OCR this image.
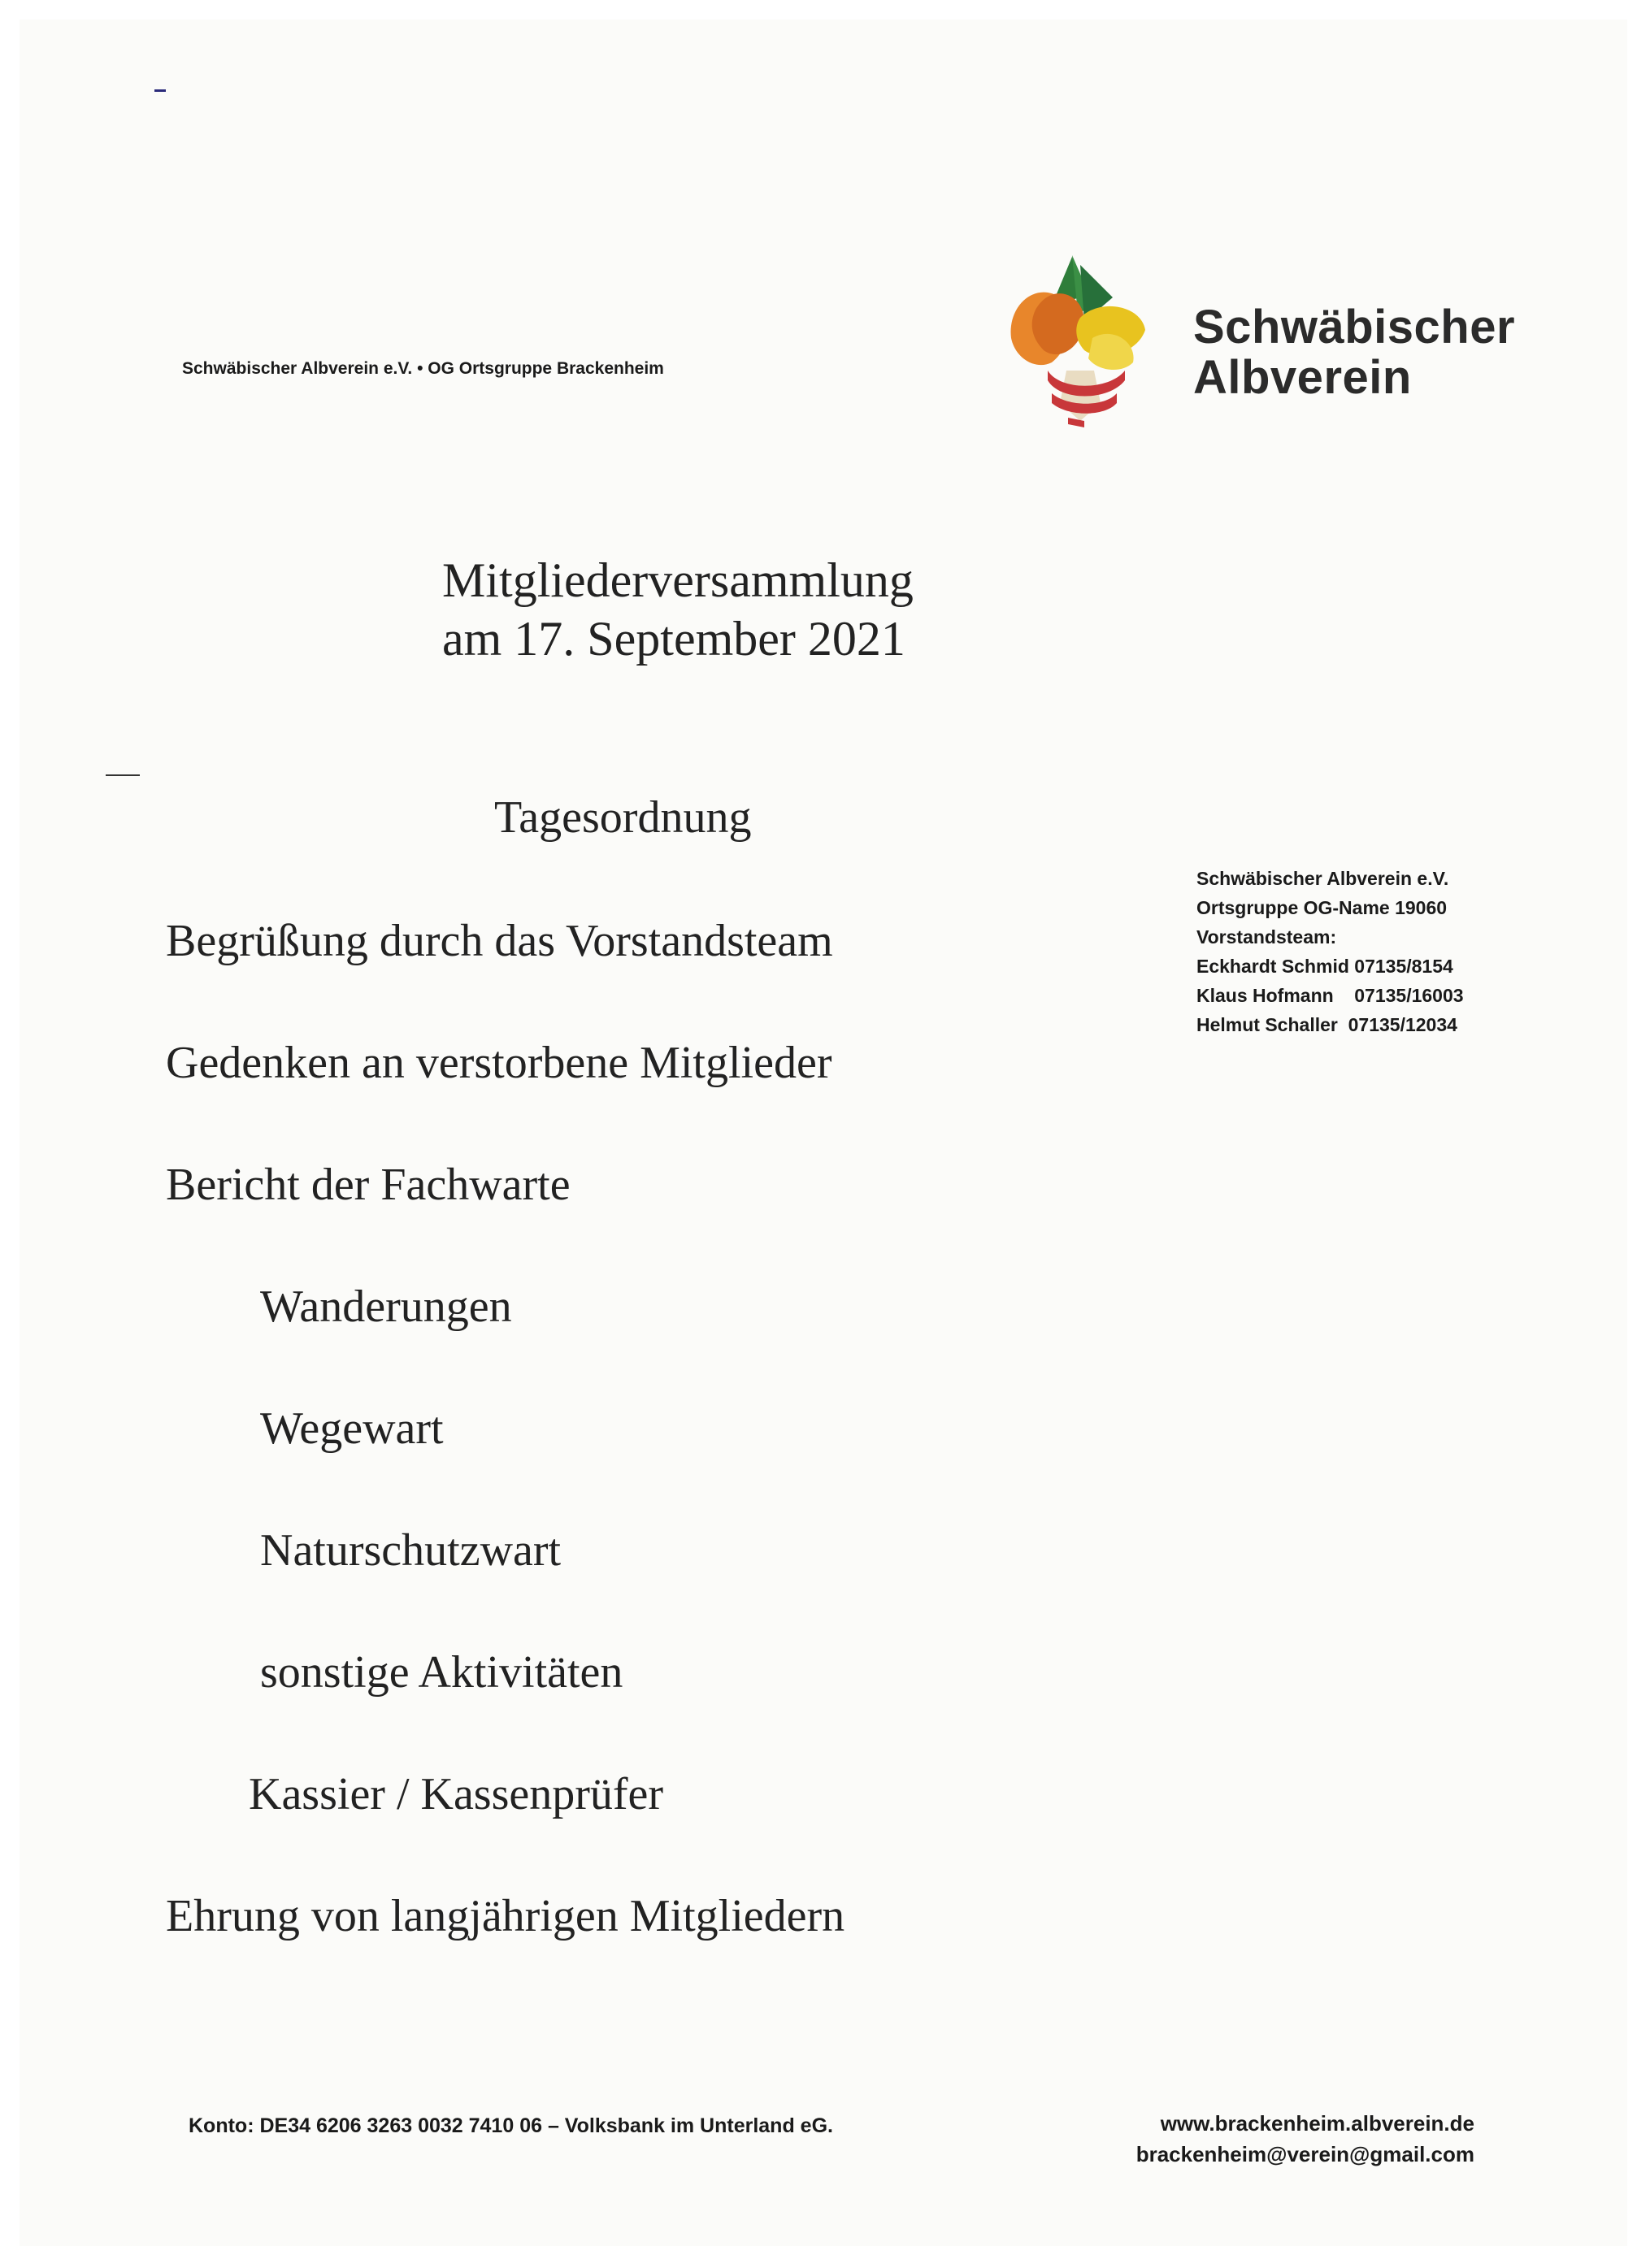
Schwäbischer Albverein e.V. • OG Ortsgruppe Brackenheim
Schwäbischer
Albverein
Mitgliederversammlung
am 17. September 2021
Schwäbischer Albverein e.V.
Ortsgruppe OG-Name 19060
Vorstandsteam:
Eckhardt Schmid 07135/8154
Klaus Hofmann    07135/16003
Helmut Schaller  07135/12034
Tagesordnung
Begrüßung durch das Vorstandsteam
Gedenken an verstorbene Mitglieder
Bericht der Fachwarte
Wanderungen
Wegewart
Naturschutzwart
sonstige Aktivitäten
Kassier / Kassenprüfer
Ehrung von langjährigen Mitgliedern
Konto: DE34 6206 3263 0032 7410 06 – Volksbank im Unterland eG.	www.brackenheim.albverein.de
brackenheim@verein@gmail.com
